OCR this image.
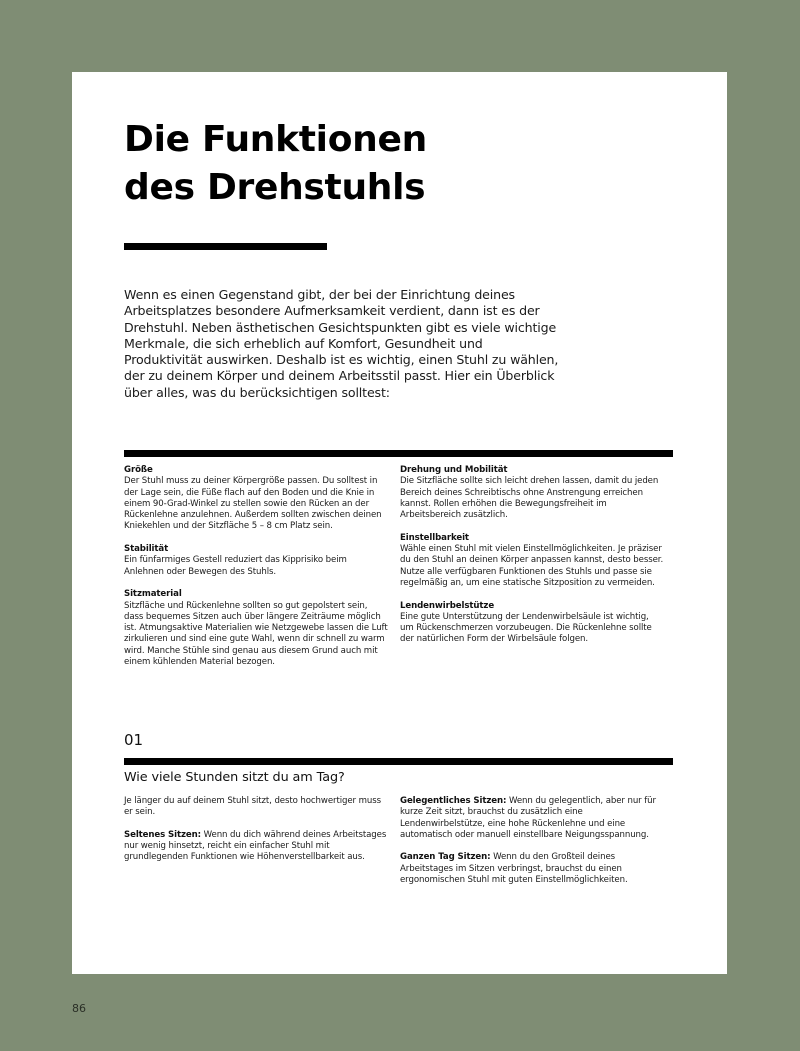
Die Funktionen
des Drehstuhls

Wenn es einen Gegenstand gibt, der bei der Einrichtung deines Arbeitsplatzes besondere Aufmerksamkeit verdient, dann ist es der Drehstuhl. Neben ästhetischen Gesichtspunkten gibt es viele wichtige Merkmale, die sich erheblich auf Komfort, Gesundheit und Produktivität auswirken. Deshalb ist es wichtig, einen Stuhl zu wählen, der zu deinem Körper und deinem Arbeitsstil passt. Hier ein Überblick über alles, was du berücksichtigen solltest:

Größe
Der Stuhl muss zu deiner Körpergröße passen. Du solltest in der Lage sein, die Füße flach auf den Boden und die Knie in einem 90-Grad-Winkel zu stellen sowie den Rücken an der Rückenlehne anzulehnen. Außerdem sollten zwischen deinen Kniekehlen und der Sitzfläche 5 – 8 cm Platz sein.
Stabilität
Ein fünfarmiges Gestell reduziert das Kipprisiko beim Anlehnen oder Bewegen des Stuhls.
Sitzmaterial
Sitzfläche und Rückenlehne sollten so gut gepolstert sein, dass bequemes Sitzen auch über längere Zeiträume möglich ist. Atmungsaktive Materialien wie Netzgewebe lassen die Luft zirkulieren und sind eine gute Wahl, wenn dir schnell zu warm wird. Manche Stühle sind genau aus diesem Grund auch mit einem kühlenden Material bezogen.
Drehung und Mobilität
Die Sitzfläche sollte sich leicht drehen lassen, damit du jeden Bereich deines Schreibtischs ohne Anstrengung erreichen kannst. Rollen erhöhen die Bewegungsfreiheit im Arbeitsbereich zusätzlich.
Einstellbarkeit
Wähle einen Stuhl mit vielen Einstellmöglichkeiten. Je präziser du den Stuhl an deinen Körper anpassen kannst, desto besser. Nutze alle verfügbaren Funktionen des Stuhls und passe sie regelmäßig an, um eine statische Sitzposition zu vermeiden.
Lendenwirbelstütze
Eine gute Unterstützung der Lendenwirbelsäule ist wichtig, um Rückenschmerzen vorzubeugen. Die Rückenlehne sollte der natürlichen Form der Wirbelsäule folgen.
01
Wie viele Stunden sitzt du am Tag?

Je länger du auf deinem Stuhl sitzt, desto hochwertiger muss er sein.

Seltenes Sitzen: Wenn du dich während deines Arbeitstages nur wenig hinsetzt, reicht ein einfacher Stuhl mit grundlegenden Funktionen wie Höhenverstellbarkeit aus.

Gelegentliches Sitzen: Wenn du gelegentlich, aber nur für kurze Zeit sitzt, brauchst du zusätzlich eine Lendenwirbelstütze, eine hohe Rückenlehne und eine automatisch oder manuell einstellbare Neigungsspannung.

Ganzen Tag Sitzen: Wenn du den Großteil deines Arbeitstages im Sitzen verbringst, brauchst du einen ergonomischen Stuhl mit guten Einstellmöglichkeiten.

86
